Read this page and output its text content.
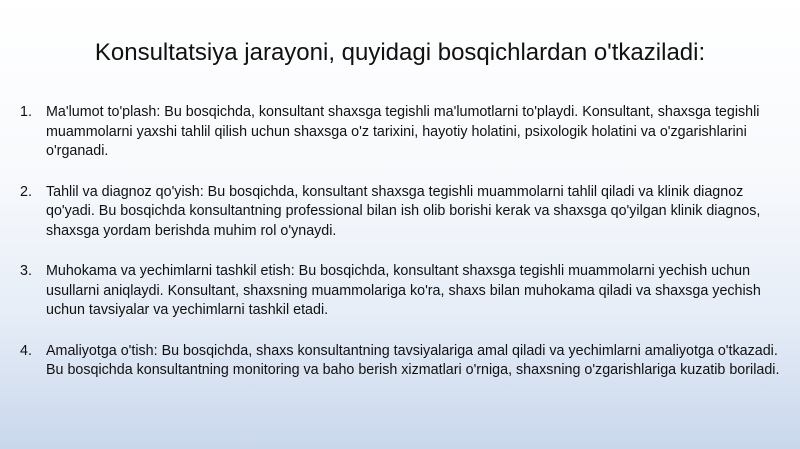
Konsultatsiya jarayoni, quyidagi bosqichlardan o'tkaziladi:
1. Ma'lumot to'plash: Bu bosqichda, konsultant shaxsga tegishli ma'lumotlarni to'playdi. Konsultant, shaxsga tegishli muammolarni yaxshi tahlil qilish uchun shaxsga o'z tarixini, hayotiy holatini, psixologik holatini va o'zgarishlarini o'rganadi.
2. Tahlil va diagnoz qo'yish: Bu bosqichda, konsultant shaxsga tegishli muammolarni tahlil qiladi va klinik diagnoz qo'yadi. Bu bosqichda konsultantning professional bilan ish olib borishi kerak va shaxsga qo'yilgan klinik diagnos, shaxsga yordam berishda muhim rol o'ynaydi.
3. Muhokama va yechimlarni tashkil etish: Bu bosqichda, konsultant shaxsga tegishli muammolarni yechish uchun usullarni aniqlaydi. Konsultant, shaxsning muammolariga ko'ra, shaxs bilan muhokama qiladi va shaxsga yechish uchun tavsiyalar va yechimlarni tashkil etadi.
4. Amaliyotga o'tish: Bu bosqichda, shaxs konsultantning tavsiyalariga amal qiladi va yechimlarni amaliyotga o'tkazadi. Bu bosqichda konsultantning monitoring va baho berish xizmatlari o'rniga, shaxsning o'zgarishlariga kuzatib boriladi.
